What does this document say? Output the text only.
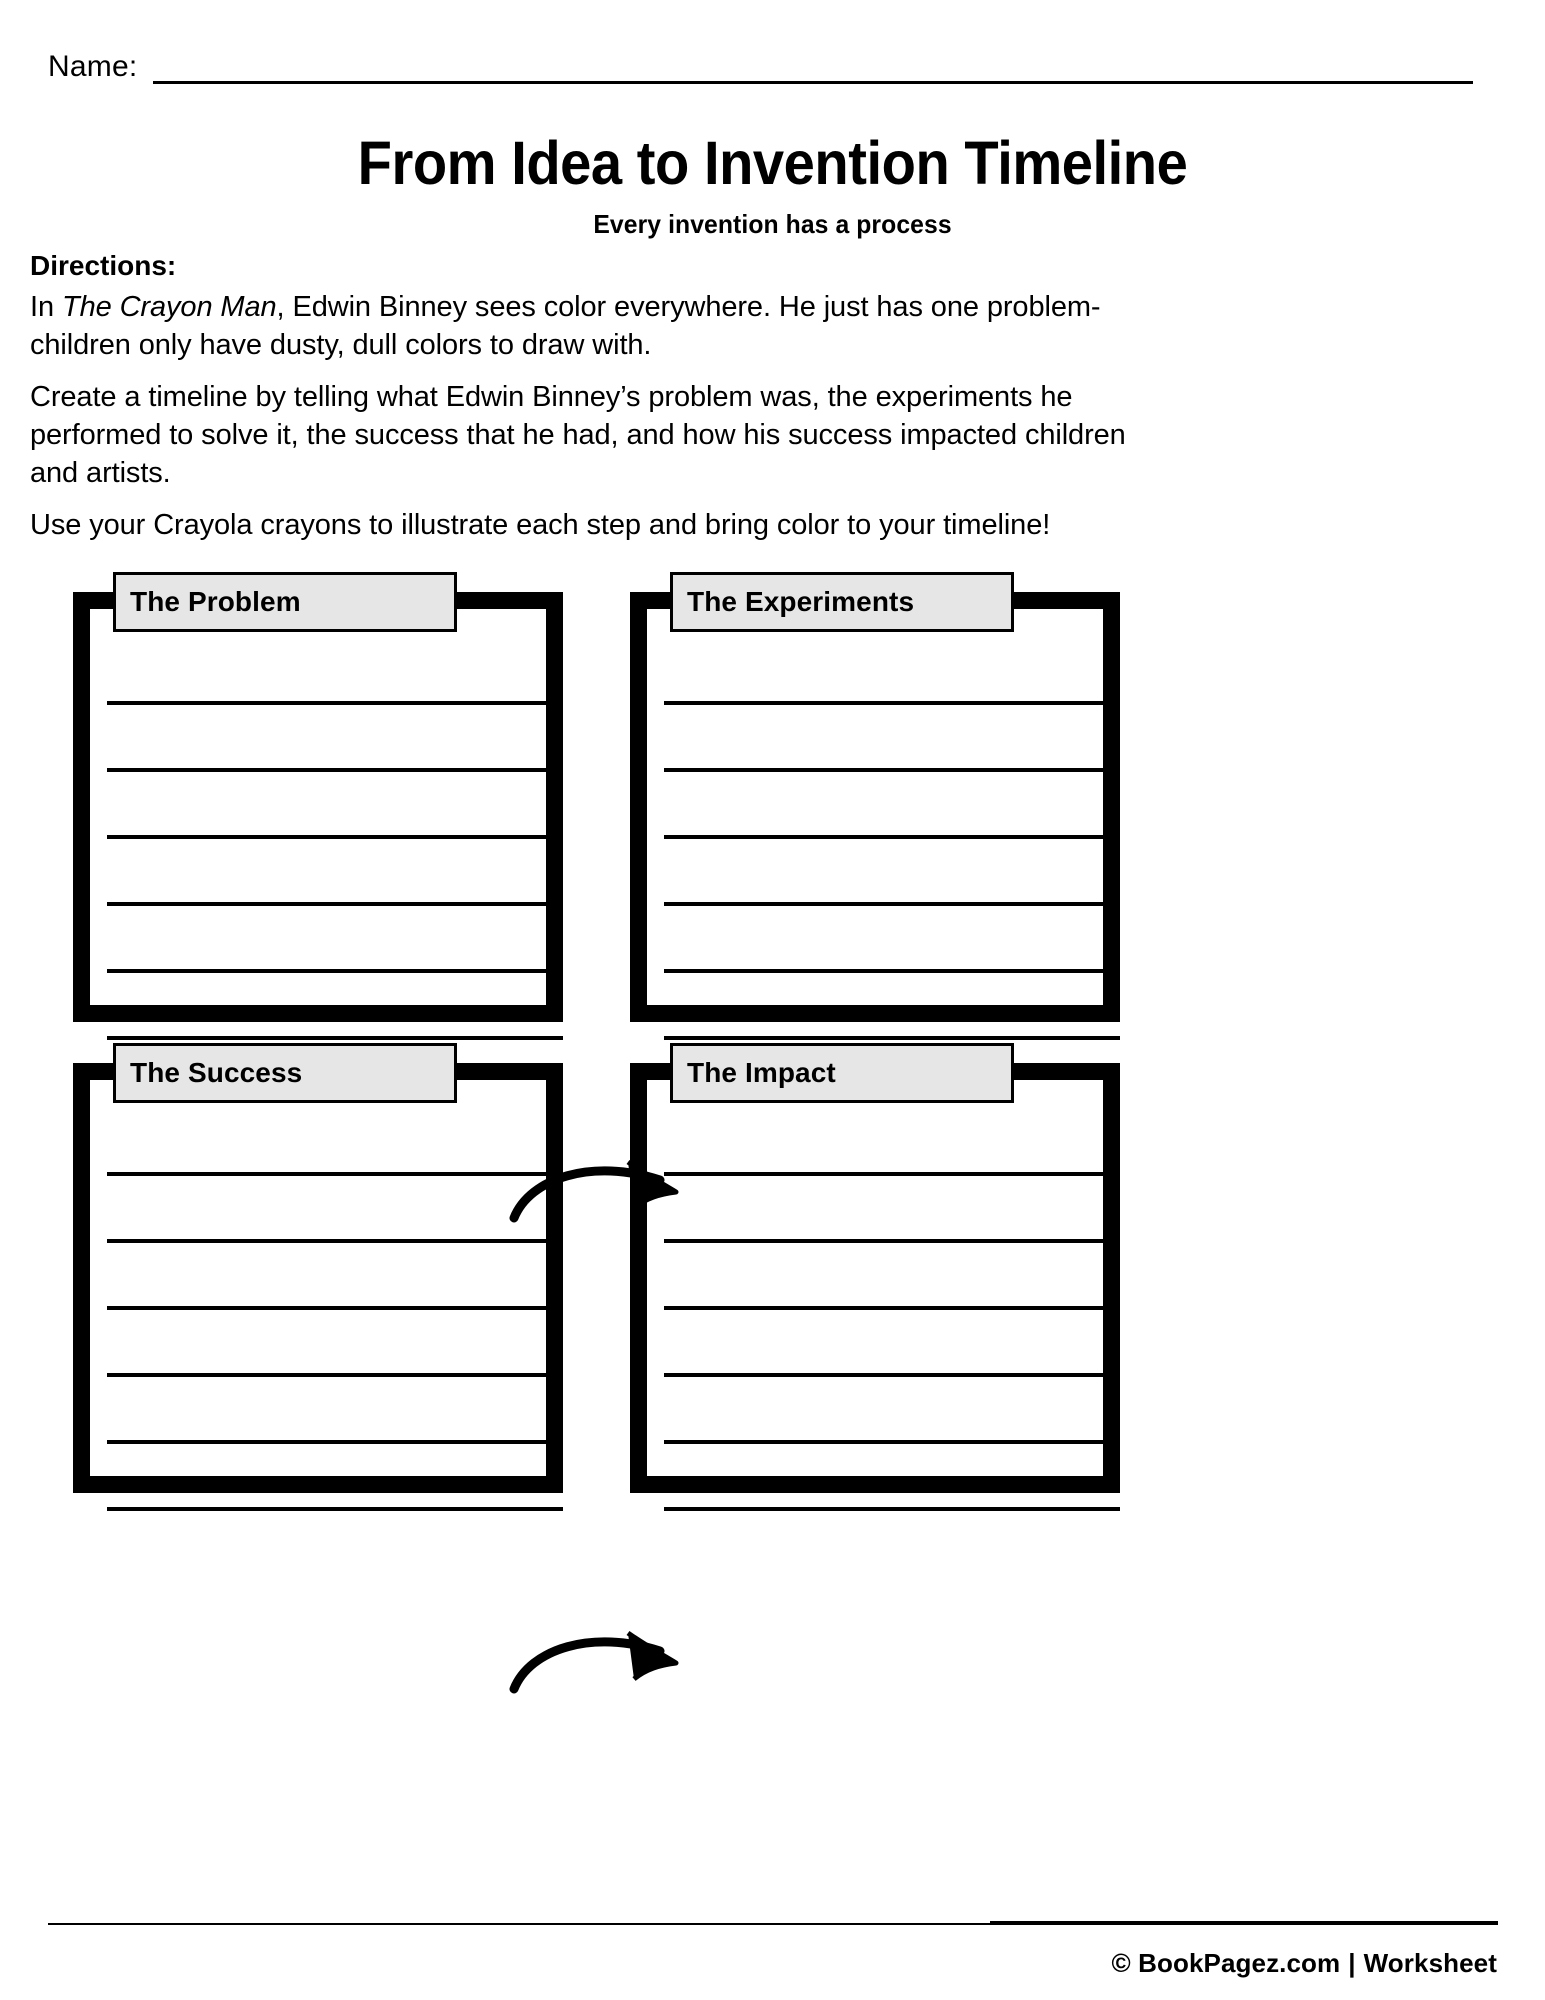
Name:
From Idea to Invention Timeline
Every invention has a process
Directions:
In The Crayon Man, Edwin Binney sees color everywhere. He just has one problem-children only have dusty, dull colors to draw with.
Create a timeline by telling what Edwin Binney’s problem was, the experiments he performed to solve it, the success that he had, and how his success impacted children and artists.
Use your Crayola crayons to illustrate each step and bring color to your timeline!
The Problem	The Experiments
The Success	The Impact
© BookPagez.com | Worksheet
